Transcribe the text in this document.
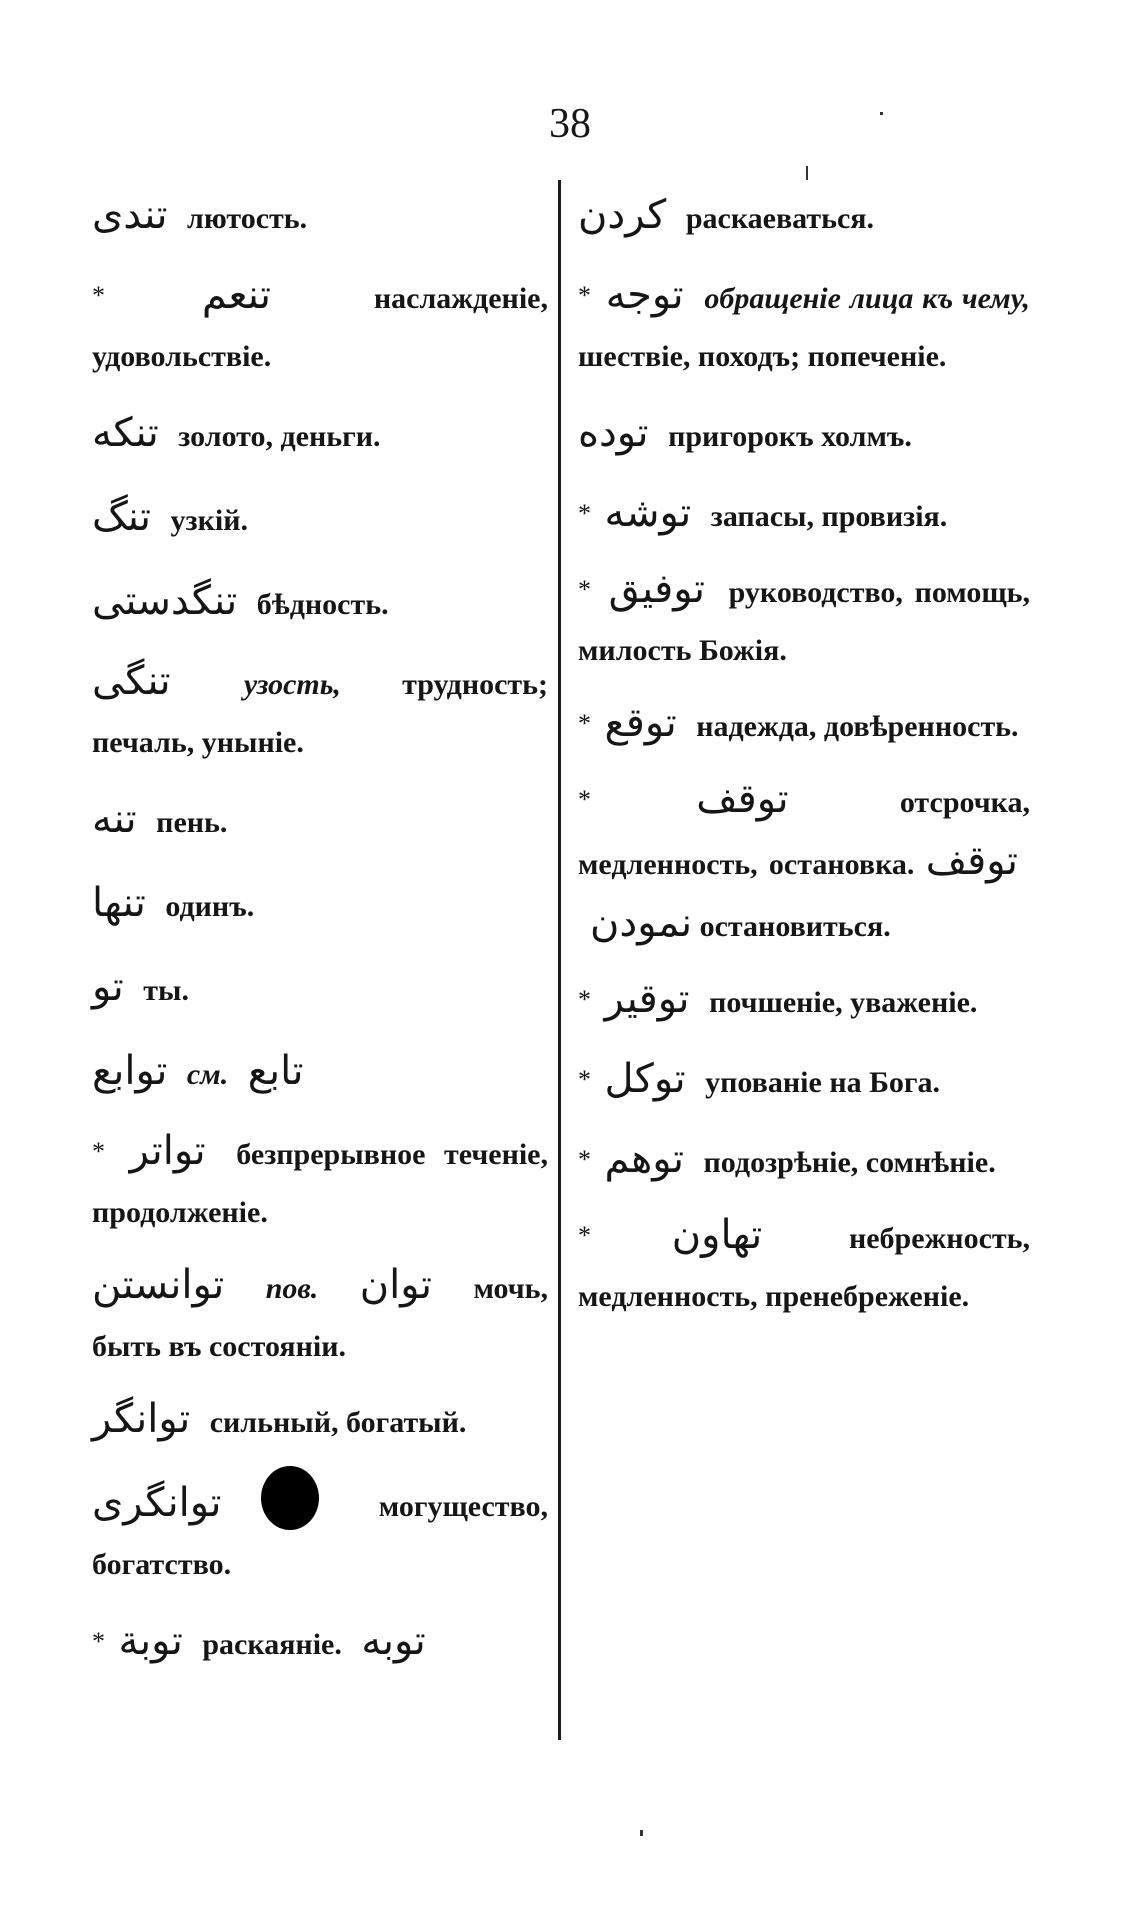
38
تندى лютость.
* تنعم	наслажденіе, удовольствіе.
تنكه золото, деньги.
تنگ узкій.
تنگدستى бѣдность.
تنگى узость, трудность; печаль, уныніе.
تنه пень.
تنها одинъ.
تو ты.
توابع см. تابع
* تواتر безпрерывное теченіе, продолженіе.
توانستن пов. توان мочь, быть въ состояніи.
توانگر сильный, богатый.
توانگرى	могущество, богатство.
* توبة раскаяніе. توبه
كردن раскаеваться.
* توجه обращеніе лица къ чему, шествіе, походъ; попеченіе.
توده пригорокъ холмъ.
* توشه запасы, провизія.
* توفيق руководство, помощь, милость Божія.
* توقع надежда, довѣренность.
*	توقف	отсрочка, медленность, остановка. توقف نمودن остановиться.
* توقير почшеніе, уваженіе.
* توكل упованіе на Бога.
* توهم подозрѣніе, сомнѣніе.
* تهاون	небрежность, медленность, пренебреженіе.
